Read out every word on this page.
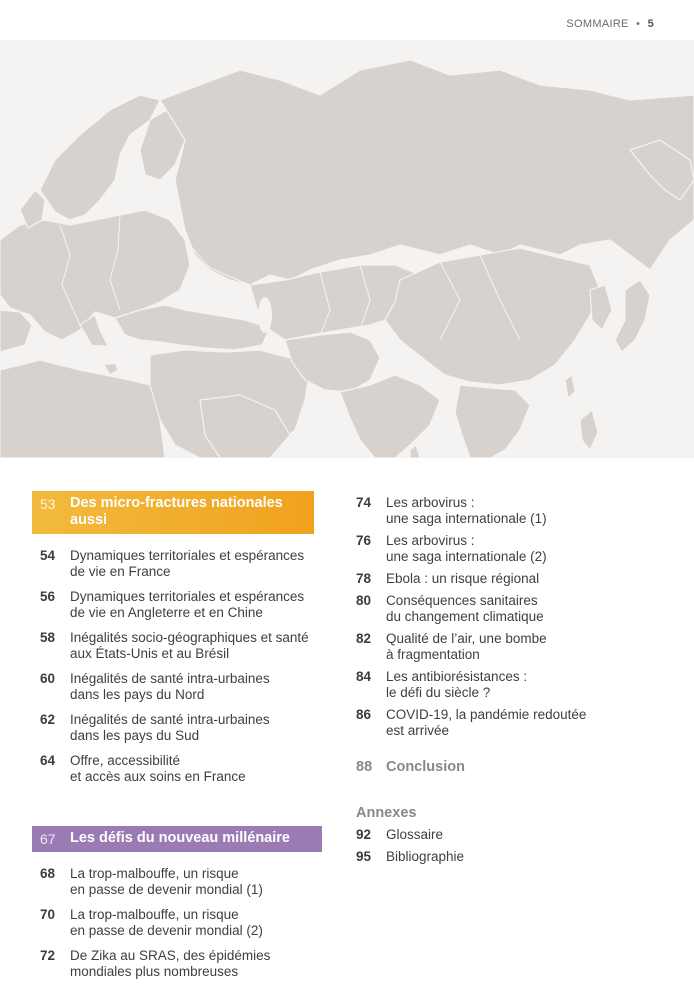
SOMMAIRE • 5
53 Des micro-fractures nationales aussi
54	Dynamiques territoriales et espérances
de vie en France
56	Dynamiques territoriales et espérances
de vie en Angleterre et en Chine
58	Inégalités socio-géographiques et santé
aux États-Unis et au Brésil
60	Inégalités de santé intra-urbaines
dans les pays du Nord
62	Inégalités de santé intra-urbaines
dans les pays du Sud
64	Offre, accessibilité
et accès aux soins en France
67 Les défis du nouveau millénaire
68	La trop-malbouffe, un risque
en passe de devenir mondial (1)
70	La trop-malbouffe, un risque
en passe de devenir mondial (2)
72	De Zika au SRAS, des épidémies
mondiales plus nombreuses
74	Les arbovirus :
une saga internationale (1)
76	Les arbovirus :
une saga internationale (2)
78	Ebola : un risque régional
80	Conséquences sanitaires
du changement climatique
82	Qualité de l’air, une bombe
à fragmentation
84	Les antibiorésistances :
le défi du siècle ?
86	COVID-19, la pandémie redoutée
est arrivée
88 Conclusion
Annexes
92	Glossaire
95	Bibliographie
